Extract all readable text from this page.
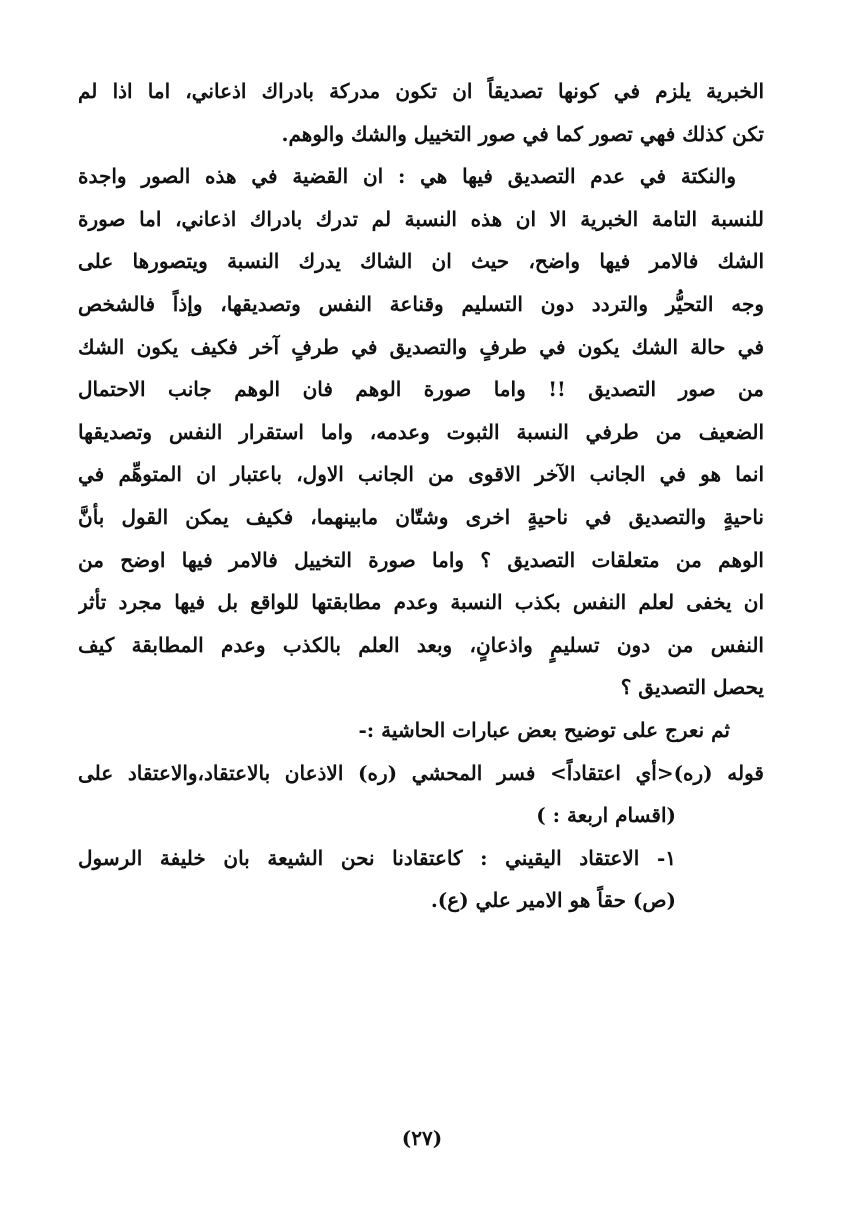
الخبرية يلزم في كونها تصديقاً ان تكون مدركة بادراك اذعاني، اما اذا لم
تكن كذلك فهي تصور كما في صور التخييل والشك والوهم.
والنكتة في عدم التصديق فيها هي : ان القضية في هذه الصور واجدة
للنسبة التامة الخبرية الا ان هذه النسبة لم تدرك بادراك اذعاني، اما صورة
الشك فالامر فيها واضح، حيث ان الشاك يدرك النسبة ويتصورها على
وجه التحيُّر والتردد دون التسليم وقناعة النفس وتصديقها، وإذاً فالشخص
في حالة الشك يكون في طرفٍ والتصديق في طرفٍ آخر فكيف يكون الشك
من صور التصديق !! واما صورة الوهم فان الوهم جانب الاحتمال
الضعيف من طرفي النسبة الثبوت وعدمه، واما استقرار النفس وتصديقها
انما هو في الجانب الآخر الاقوى من الجانب الاول، باعتبار ان المتوهِّم في
ناحيةٍ والتصديق في ناحيةٍ اخرى وشتّان مابينهما، فكيف يمكن القول بأنَّ
الوهم من متعلقات التصديق ؟ واما صورة التخييل فالامر فيها اوضح من
ان يخفى لعلم النفس بكذب النسبة وعدم مطابقتها للواقع بل فيها مجرد تأثر
النفس من دون تسليمٍ واذعانٍ، وبعد العلم بالكذب وعدم المطابقة كيف
يحصل التصديق ؟
ثم نعرج على توضيح بعض عبارات الحاشية :-
قوله (ره)<أي اعتقاداً> فسر المحشي (ره) الاذعان بالاعتقاد،والاعتقاد على
(اقسام اربعة : )
١- الاعتقاد اليقيني : كاعتقادنا نحن الشيعة بان خليفة الرسول
(ص) حقاً هو الامير علي (ع).
(٢٧)
